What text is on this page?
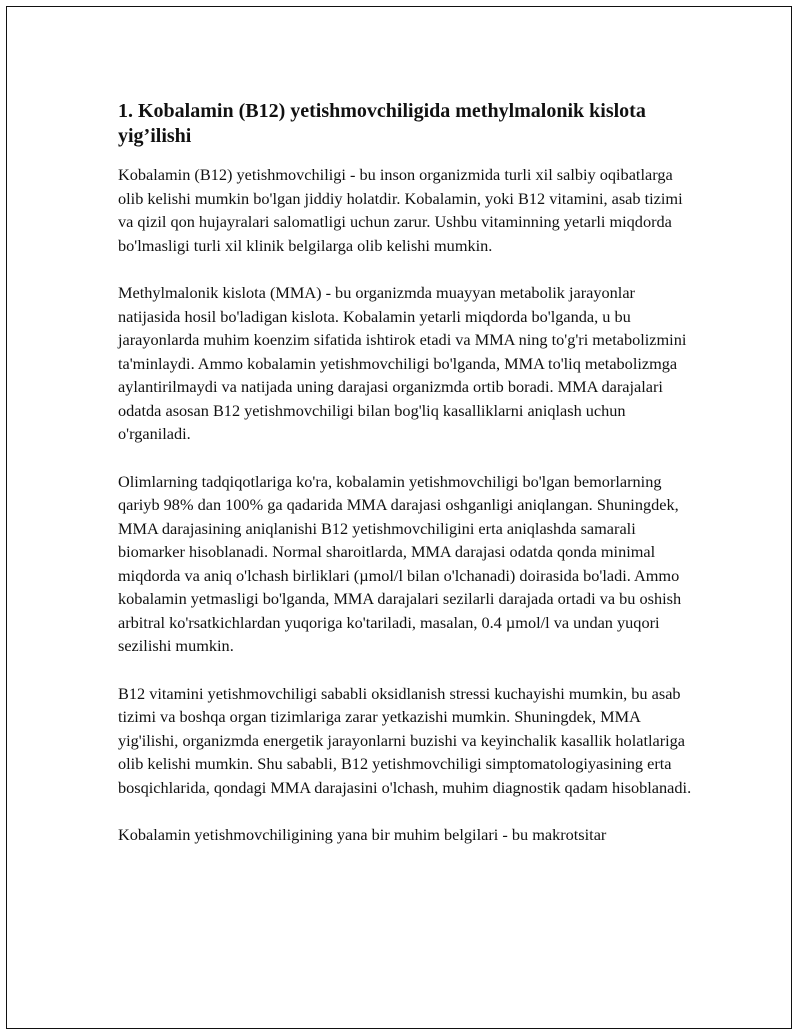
1. Kobalamin (B12) yetishmovchiligida methylmalonik kislota yig’ilishi

Kobalamin (B12) yetishmovchiligi - bu inson organizmida turli xil salbiy oqibatlarga olib kelishi mumkin bo'lgan jiddiy holatdir. Kobalamin, yoki B12 vitamini, asab tizimi va qizil qon hujayralari salomatligi uchun zarur. Ushbu vitaminning yetarli miqdorda bo'lmasligi turli xil klinik belgilarga olib kelishi mumkin.

Methylmalonik kislota (MMA) - bu organizmda muayyan metabolik jarayonlar natijasida hosil bo'ladigan kislota. Kobalamin yetarli miqdorda bo'lganda, u bu jarayonlarda muhim koenzim sifatida ishtirok etadi va MMA ning to'g'ri metabolizmini ta'minlaydi. Ammo kobalamin yetishmovchiligi bo'lganda, MMA to'liq metabolizmga aylantirilmaydi va natijada uning darajasi organizmda ortib boradi. MMA darajalari odatda asosan B12 yetishmovchiligi bilan bog'liq kasalliklarni aniqlash uchun o'rganiladi.

Olimlarning tadqiqotlariga ko'ra, kobalamin yetishmovchiligi bo'lgan bemorlarning qariyb 98% dan 100% ga qadarida MMA darajasi oshganligi aniqlangan. Shuningdek, MMA darajasining aniqlanishi B12 yetishmovchiligini erta aniqlashda samarali biomarker hisoblanadi. Normal sharoitlarda, MMA darajasi odatda qonda minimal miqdorda va aniq o'lchash birliklari (µmol/l bilan o'lchanadi) doirasida bo'ladi. Ammo kobalamin yetmasligi bo'lganda, MMA darajalari sezilarli darajada ortadi va bu oshish arbitral ko'rsatkichlardan yuqoriga ko'tariladi, masalan, 0.4 µmol/l va undan yuqori sezilishi mumkin.

B12 vitamini yetishmovchiligi sababli oksidlanish stressi kuchayishi mumkin, bu asab tizimi va boshqa organ tizimlariga zarar yetkazishi mumkin. Shuningdek, MMA yig'ilishi, organizmda energetik jarayonlarni buzishi va keyinchalik kasallik holatlariga olib kelishi mumkin. Shu sababli, B12 yetishmovchiligi simptomatologiyasining erta bosqichlarida, qondagi MMA darajasini o'lchash, muhim diagnostik qadam hisoblanadi.

Kobalamin yetishmovchiligining yana bir muhim belgilari - bu makrotsitar
